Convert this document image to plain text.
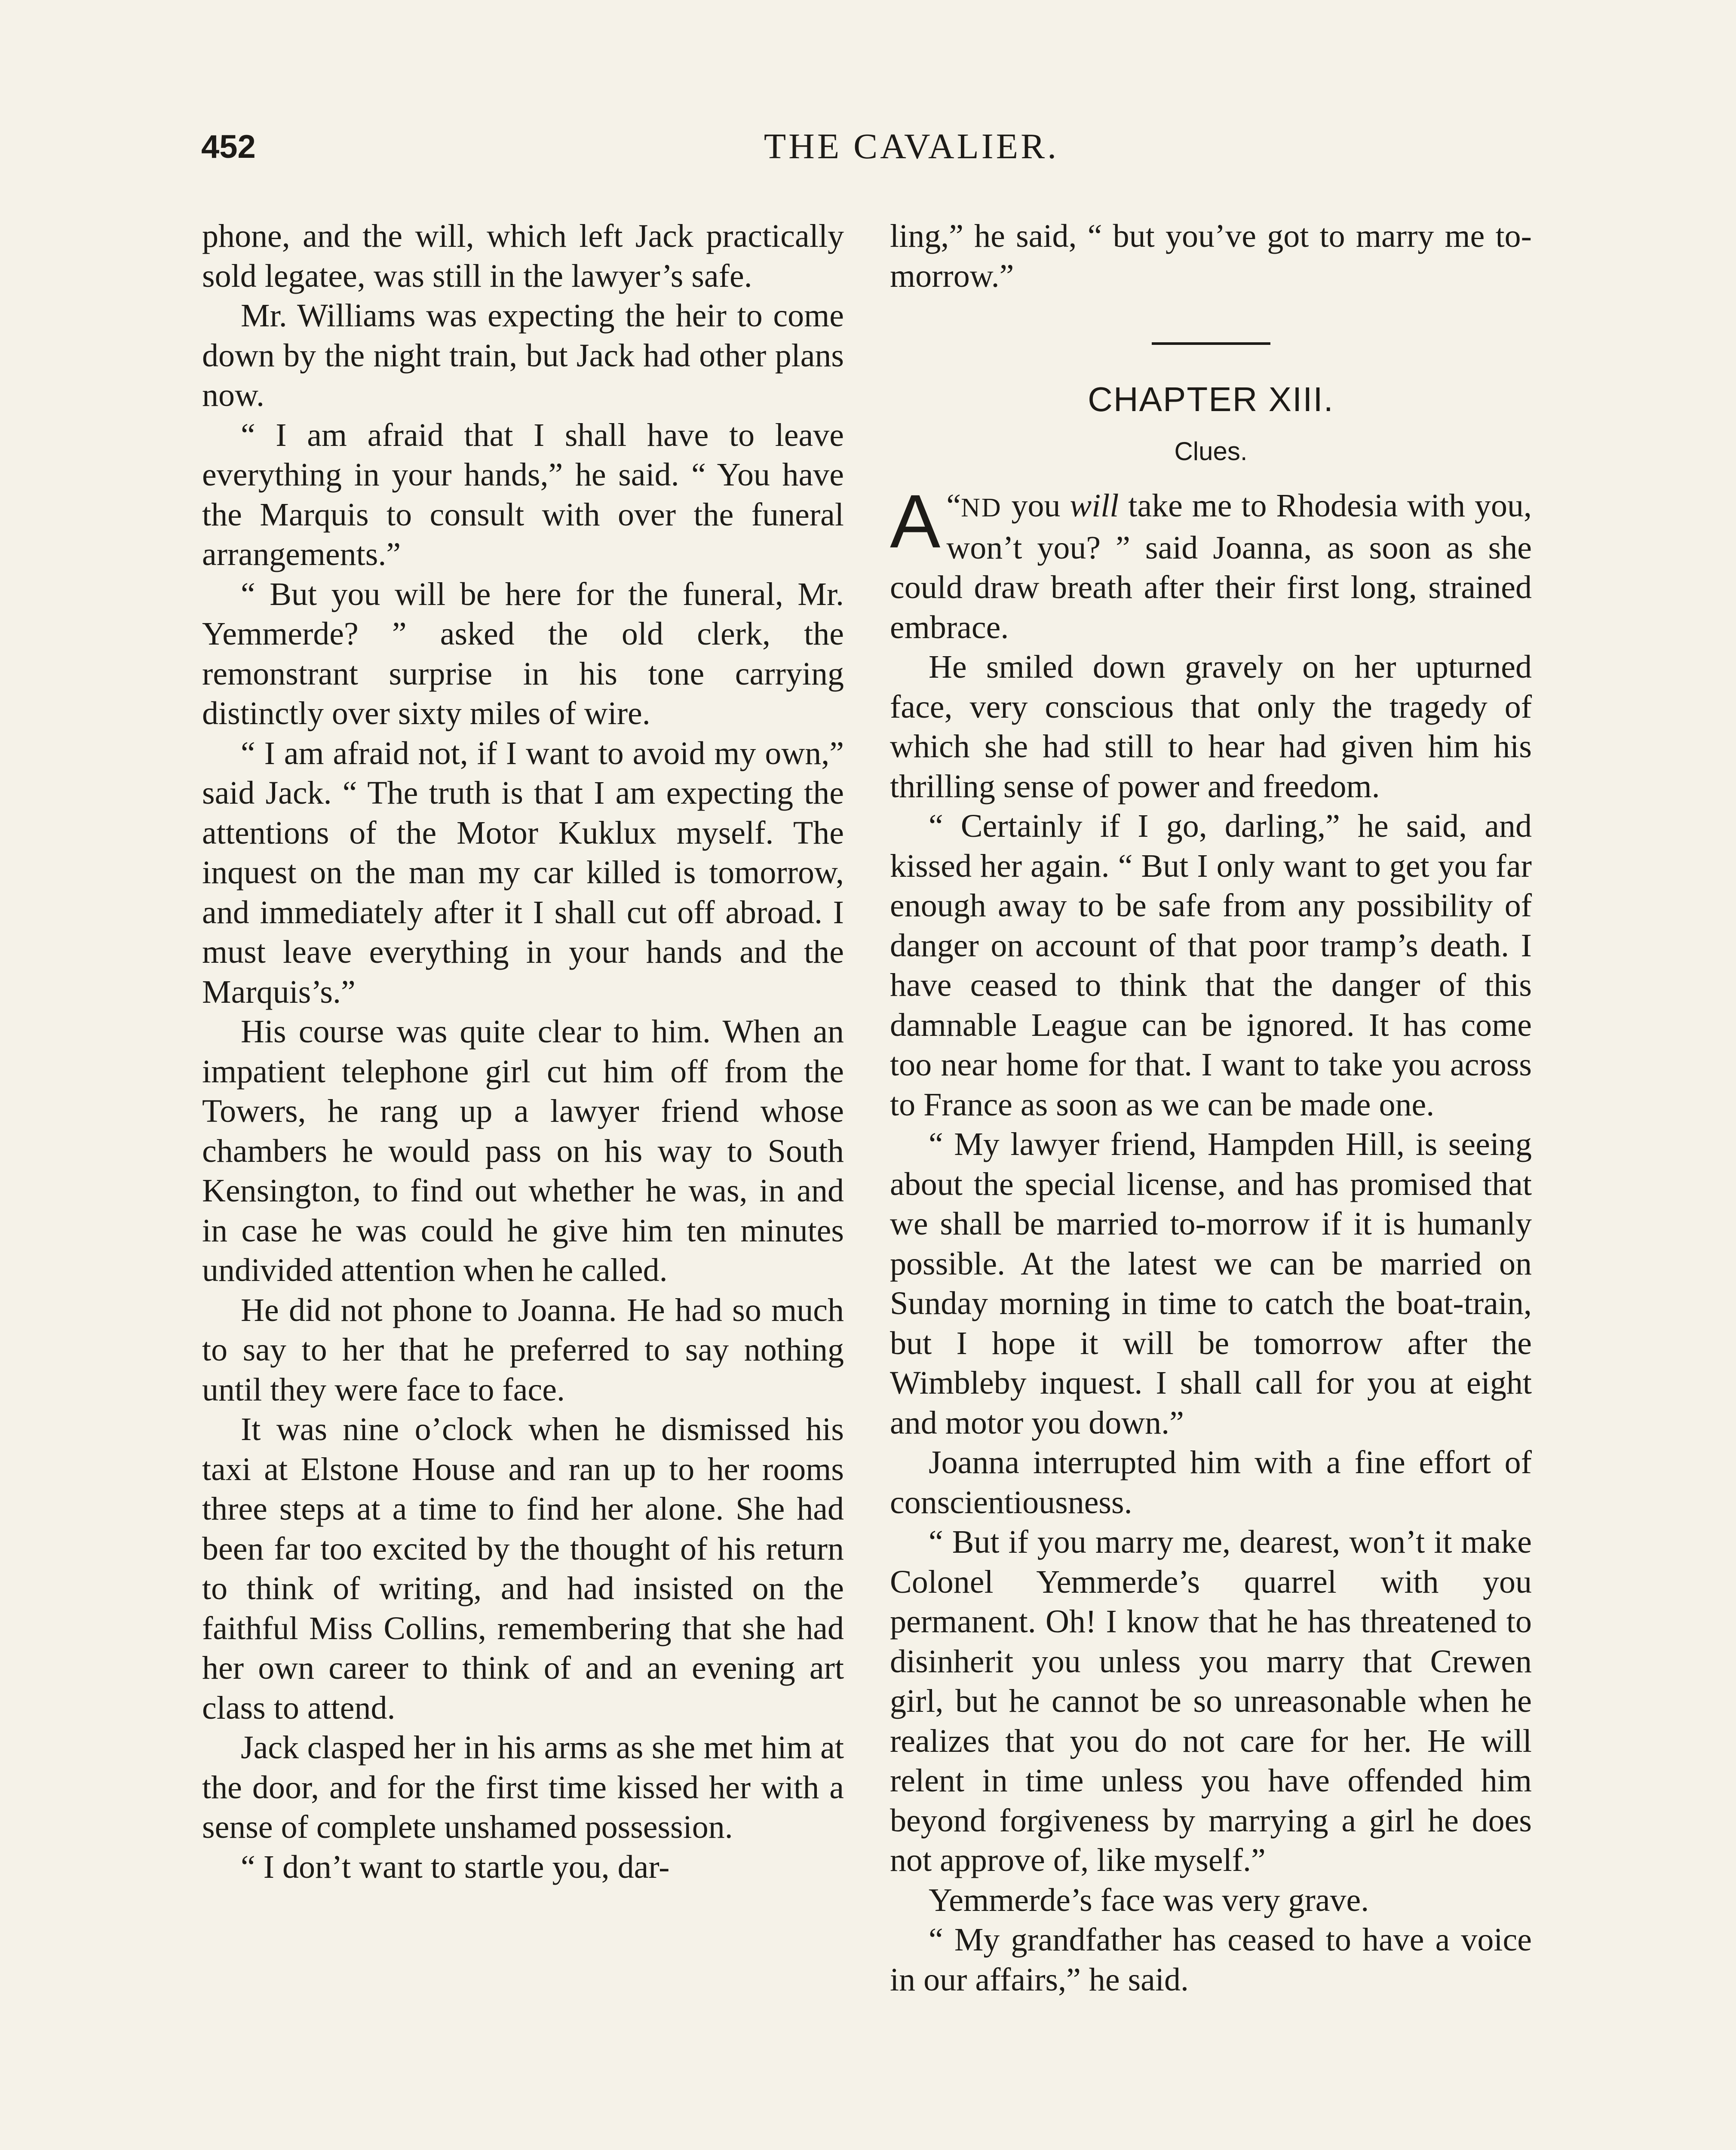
452	THE CAVALIER.

phone, and the will, which left Jack practically sold legatee, was still in the lawyer’s safe.

Mr. Williams was expecting the heir to come down by the night train, but Jack had other plans now.

“ I am afraid that I shall have to leave everything in your hands,” he said. “ You have the Marquis to consult with over the funeral arrangements.”

“ But you will be here for the funeral, Mr. Yemmerde? ” asked the old clerk, the remonstrant surprise in his tone carrying distinctly over sixty miles of wire.

“ I am afraid not, if I want to avoid my own,” said Jack. “ The truth is that I am expecting the attentions of the Motor Kuklux myself. The inquest on the man my car killed is tomorrow, and immediately after it I shall cut off abroad. I must leave everything in your hands and the Marquis’s.”

His course was quite clear to him. When an impatient telephone girl cut him off from the Towers, he rang up a lawyer friend whose chambers he would pass on his way to South Kensington, to find out whether he was, in and in case he was could he give him ten minutes undivided attention when he called.

He did not phone to Joanna. He had so much to say to her that he preferred to say nothing until they were face to face.

It was nine o’clock when he dismissed his taxi at Elstone House and ran up to her rooms three steps at a time to find her alone. She had been far too excited by the thought of his return to think of writing, and had insisted on the faithful Miss Collins, remembering that she had her own career to think of and an evening art class to attend.

Jack clasped her in his arms as she met him at the door, and for the first time kissed her with a sense of complete unshamed possession.

“ I don’t want to startle you, dar-

ling,” he said, “ but you’ve got to marry me to-morrow.”

CHAPTER XIII.
Clues.

“
A ND you will take me to Rhodesia with you, won’t you? ” said Joanna, as soon as she could draw breath after their first long, strained embrace.

He smiled down gravely on her upturned face, very conscious that only the tragedy of which she had still to hear had given him his thrilling sense of power and freedom.

“ Certainly if I go, darling,” he said, and kissed her again. “ But I only want to get you far enough away to be safe from any possibility of danger on account of that poor tramp’s death. I have ceased to think that the danger of this damnable League can be ignored. It has come too near home for that. I want to take you across to France as soon as we can be made one.

“ My lawyer friend, Hampden Hill, is seeing about the special license, and has promised that we shall be married to-morrow if it is humanly possible. At the latest we can be married on Sunday morning in time to catch the boat-train, but I hope it will be tomorrow after the Wimbleby inquest. I shall call for you at eight and motor you down.”

Joanna interrupted him with a fine effort of conscientiousness.

“ But if you marry me, dearest, won’t it make Colonel Yemmerde’s quarrel with you permanent. Oh! I know that he has threatened to disinherit you unless you marry that Crewen girl, but he cannot be so unreasonable when he realizes that you do not care for her. He will relent in time unless you have offended him beyond forgiveness by marrying a girl he does not approve of, like myself.”

Yemmerde’s face was very grave.

“ My grandfather has ceased to have a voice in our affairs,” he said.
